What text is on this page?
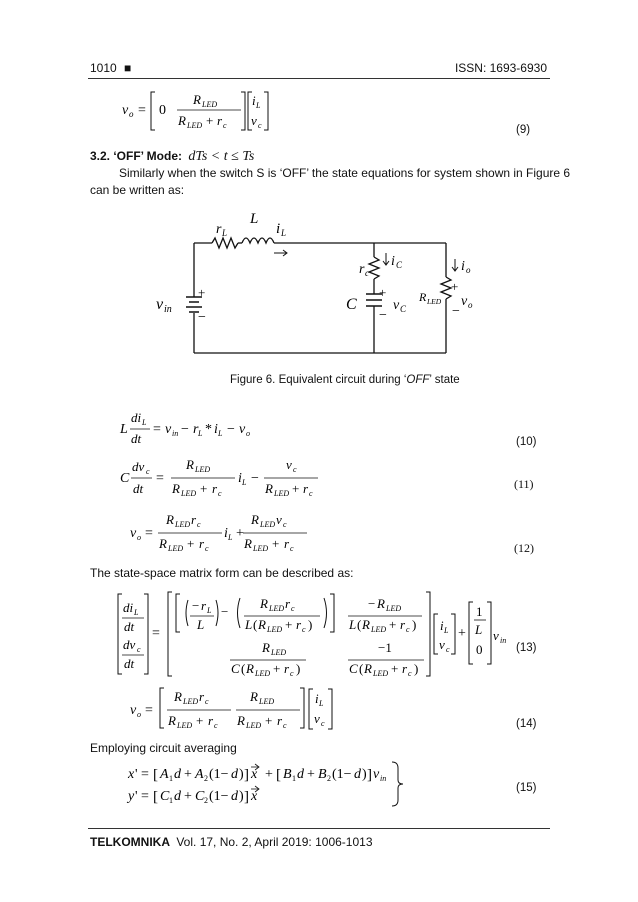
1010 ■	ISSN: 1693-6930
v o = 0
R LED
R LED + r c
i L
v c	(9)
3.2. ‘OFF’ Mode: dTs < t ≤ Ts
Similarly when the switch S is ‘OFF’ the state equations for system shown in Figure 6
can be written as:
r L
L
i L
+
−
v in
r c
i C
+
−
C	v C
i o
+
−
R LED v o
Figure 6. Equivalent circuit during ‘OFF’ state
L
di L
dt
= v in − r L * i L − v o
(10)
C
dv c
dt
=
R LED
R LED + r c
i L −
v c
R LED + r c
(11)
v o =
R LED r c
R LED + r c
i L +
R LED v c
R LED + r c	(12)
The state-space matrix form can be described as:
di L
dt
dv c
dt
=
− r L
L
−
R LED r c
L ( R LED + r c )
− R LED
L ( R LED + r c )
R LED
C ( R LED + r c )
−1
C ( R LED + r c )
i L
v c
+
1
L
0
v in
(13)
v o =
R LED r c
R LED + r c
R LED
R LED + r c
i L
v c	(14)
Employing circuit averaging
x ' = [ A 1 d + A 2 (1− d ) ] x + [ B 1 d + B 2 (1− d ) ] v in
y ' = [ C 1 d + C 2 (1− d ) ] x
(15)
TELKOMNIKA Vol. 17, No. 2, April 2019: 1006-1013
